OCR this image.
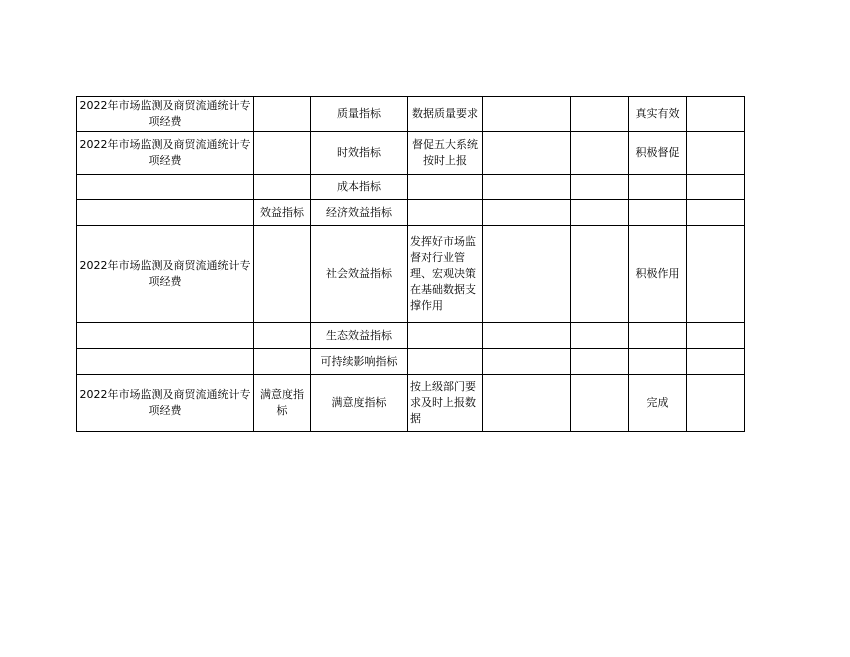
2022年市场监测及商贸流通统计专项经费		质量指标	数据质量要求			真实有效	
2022年市场监测及商贸流通统计专项经费		时效指标	督促五大系统按时上报			积极督促	
		成本指标					
	效益指标	经济效益指标					
2022年市场监测及商贸流通统计专项经费		社会效益指标	发挥好市场监督对行业管理、宏观决策在基础数据支撑作用			积极作用	
		生态效益指标					
		可持续影响指标					
2022年市场监测及商贸流通统计专项经费	满意度指标	满意度指标	按上级部门要求及时上报数据			完成	
